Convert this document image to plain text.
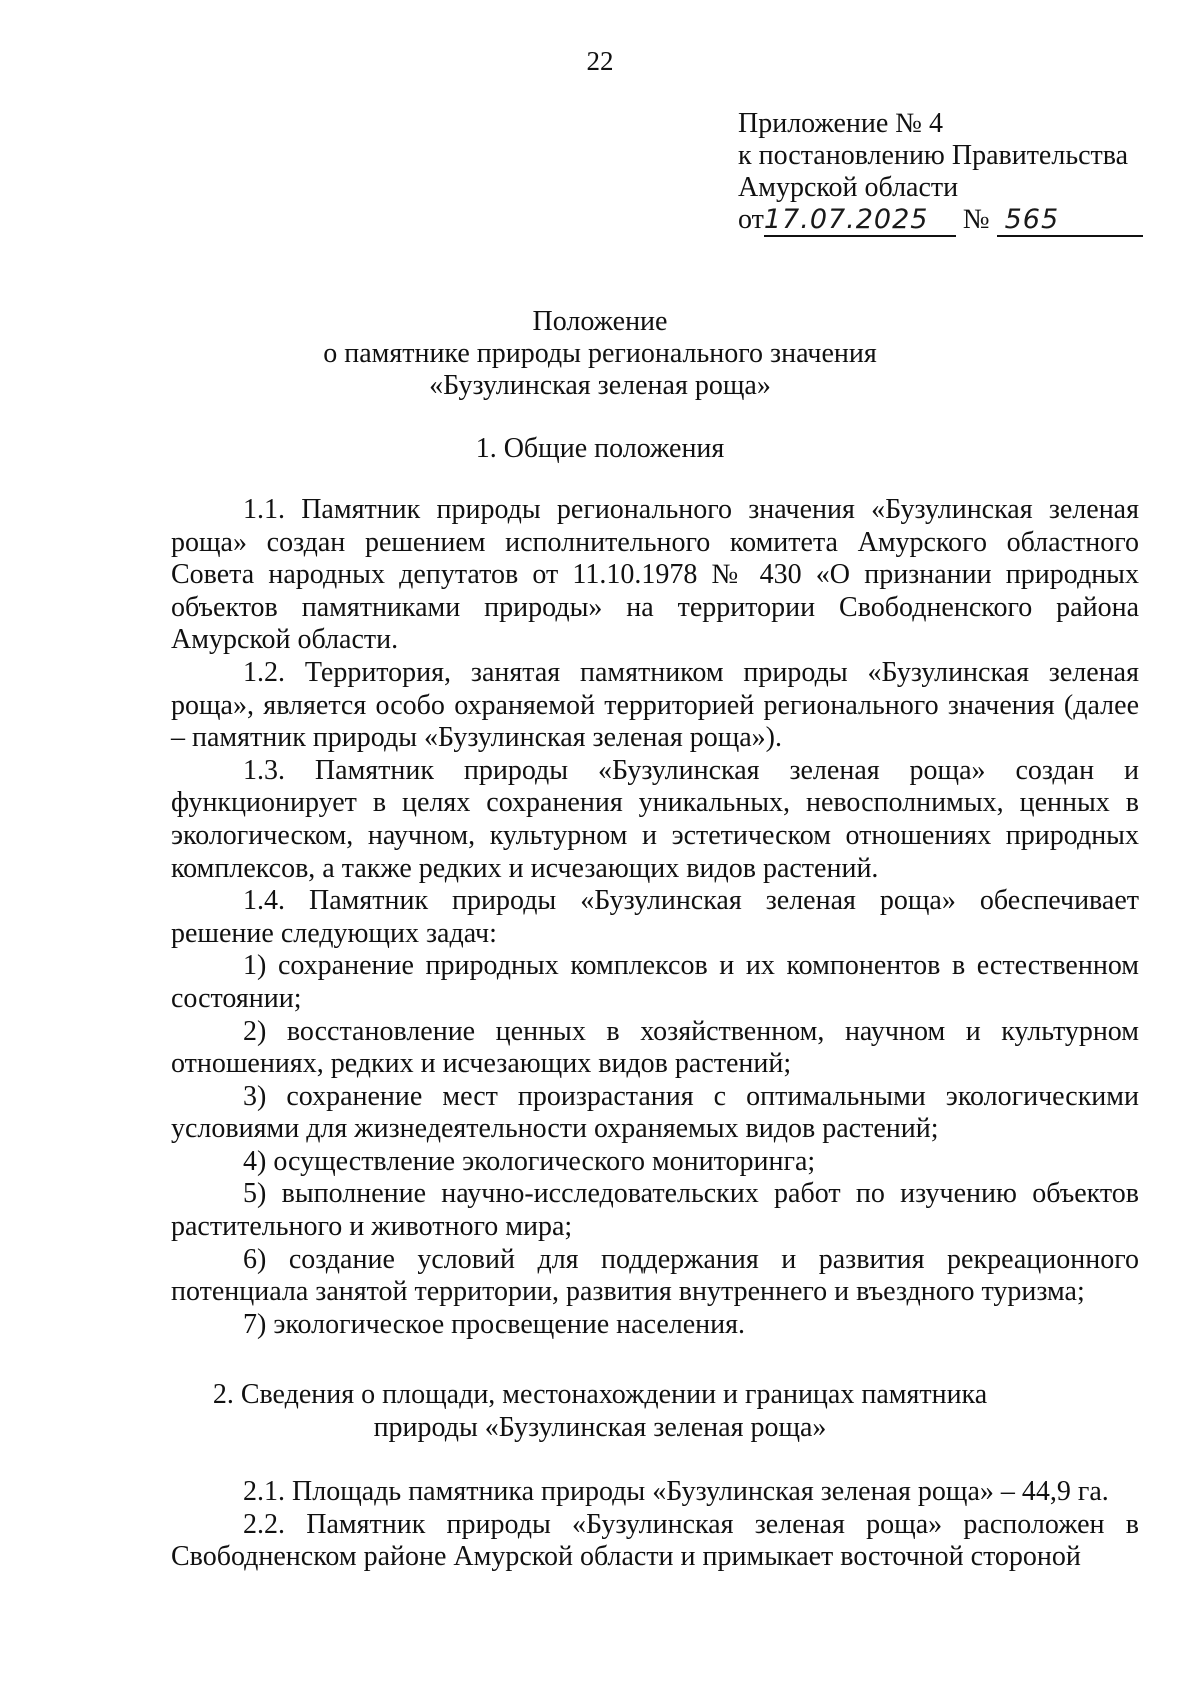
22
Приложение № 4
к постановлению Правительства
Амурской области
от17.07.2025 № 565
Положение
о памятнике природы регионального значения
«Бузулинская зеленая роща»
1. Общие положения

1.1. Памятник природы регионального значения «Бузулинская зеленая роща» создан решением исполнительного комитета Амурского областного Совета народных депутатов от 11.10.1978 № 430 «О признании природных объектов памятниками природы» на территории Свободненского района Амурской области.

1.2. Территория, занятая памятником природы «Бузулинская зеленая роща», является особо охраняемой территорией регионального значения (далее – памятник природы «Бузулинская зеленая роща»).

1.3. Памятник природы «Бузулинская зеленая роща» создан и функционирует в целях сохранения уникальных, невосполнимых, ценных в экологическом, научном, культурном и эстетическом отношениях природных комплексов, а также редких и исчезающих видов растений.

1.4. Памятник природы «Бузулинская зеленая роща» обеспечивает решение следующих задач:

1) сохранение природных комплексов и их компонентов в естественном состоянии;

2) восстановление ценных в хозяйственном, научном и культурном отношениях, редких и исчезающих видов растений;

3) сохранение мест произрастания с оптимальными экологическими условиями для жизнедеятельности охраняемых видов растений;

4) осуществление экологического мониторинга;

5) выполнение научно-исследовательских работ по изучению объектов растительного и животного мира;

6) создание условий для поддержания и развития рекреационного потенциала занятой территории, развития внутреннего и въездного туризма;

7) экологическое просвещение населения.

2. Сведения о площади, местонахождении и границах памятника
природы «Бузулинская зеленая роща»

2.1. Площадь памятника природы «Бузулинская зеленая роща» – 44,9 га.

2.2. Памятник природы «Бузулинская зеленая роща» расположен в Свободненском районе Амурской области и примыкает восточной стороной
